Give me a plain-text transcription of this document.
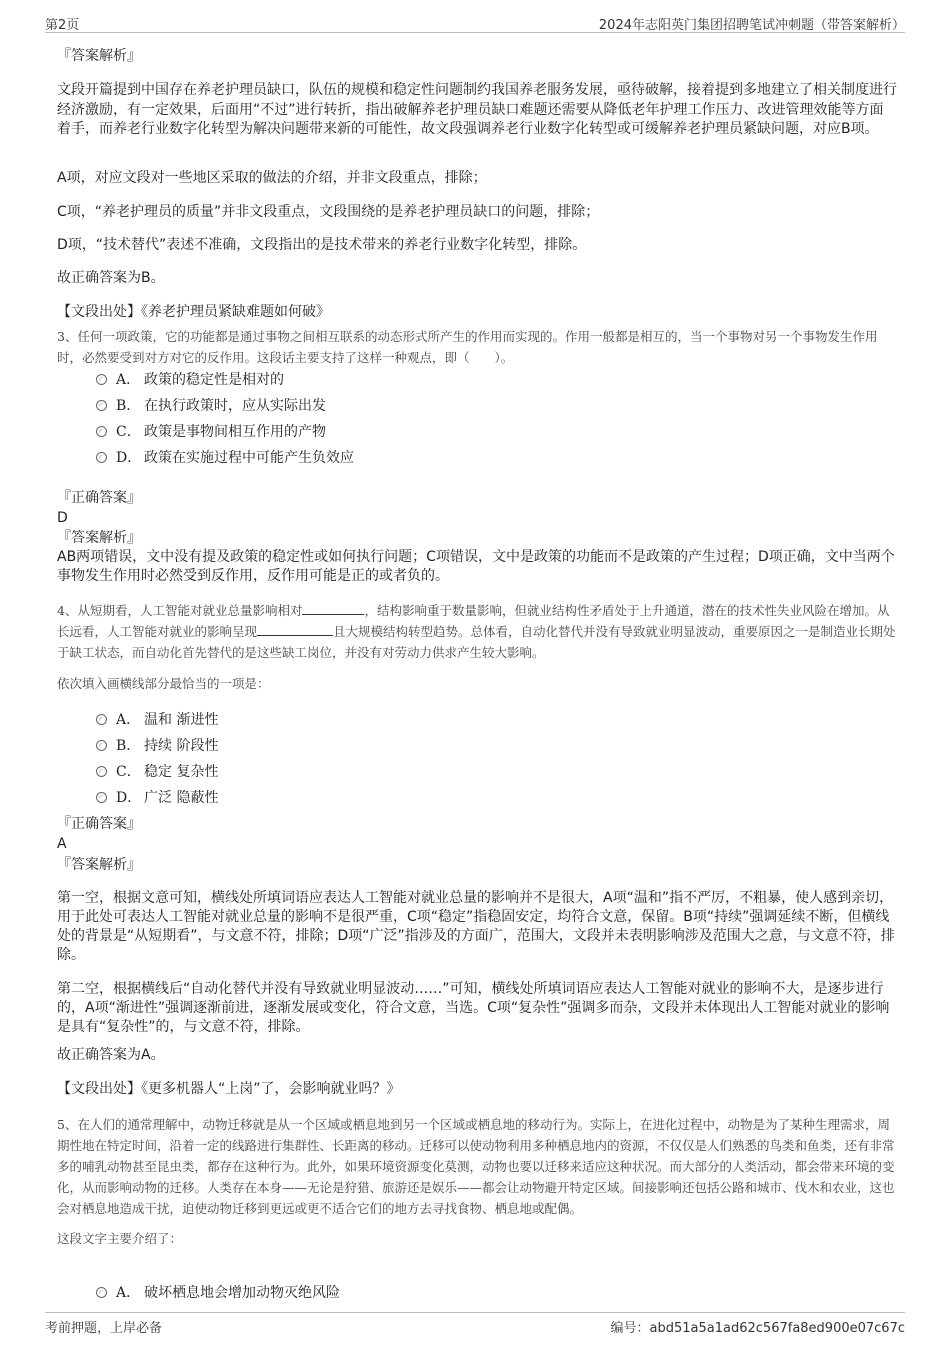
第2页	2024年志阳英门集团招聘笔试冲刺题（带答案解析）
『答案解析』
文段开篇提到中国存在养老护理员缺口，队伍的规模和稳定性问题制约我国养老服务发展，亟待破解，接着提到多地建立了相关制度进行经济激励，有一定效果，后面用“不过”进行转折，指出破解养老护理员缺口难题还需要从降低老年护理工作压力、改进管理效能等方面着手，而养老行业数字化转型为解决问题带来新的可能性，故文段强调养老行业数字化转型或可缓解养老护理员紧缺问题，对应B项。
A项，对应文段对一些地区采取的做法的介绍，并非文段重点，排除；
C项，“养老护理员的质量”并非文段重点，文段围绕的是养老护理员缺口的问题，排除；
D项，“技术替代”表述不准确，文段指出的是技术带来的养老行业数字化转型，排除。
故正确答案为B。
【文段出处】《养老护理员紧缺难题如何破》
3、任何一项政策，它的功能都是通过事物之间相互联系的动态形式所产生的作用而实现的。作用一般都是相互的，当一个事物对另一个事物发生作用时，必然要受到对方对它的反作用。这段话主要支持了这样一种观点，即（　　）。
A． 政策的稳定性是相对的
B． 在执行政策时，应从实际出发
C． 政策是事物间相互作用的产物
D． 政策在实施过程中可能产生负效应
『正确答案』
D
『答案解析』
AB两项错误，文中没有提及政策的稳定性或如何执行问题；C项错误，文中是政策的功能而不是政策的产生过程；D项正确，文中当两个事物发生作用时必然受到反作用，反作用可能是正的或者负的。
4、从短期看，人工智能对就业总量影响相对	，结构影响重于数量影响，但就业结构性矛盾处于上升通道，潜在的技术性失业风险在增加。从长远看，人工智能对就业的影响呈现	且大规模结构转型趋势。总体看，自动化替代并没有导致就业明显波动，重要原因之一是制造业长期处于缺工状态，而自动化首先替代的是这些缺工岗位，并没有对劳动力供求产生较大影响。
依次填入画横线部分最恰当的一项是：
A． 温和 渐进性
B． 持续 阶段性
C． 稳定 复杂性
D． 广泛 隐蔽性
『正确答案』
A
『答案解析』
第一空，根据文意可知，横线处所填词语应表达人工智能对就业总量的影响并不是很大，A项“温和”指不严厉，不粗暴，使人感到亲切，用于此处可表达人工智能对就业总量的影响不是很严重，C项“稳定”指稳固安定，均符合文意，保留。B项“持续”强调延续不断，但横线处的背景是“从短期看”，与文意不符，排除；D项“广泛”指涉及的方面广，范围大，文段并未表明影响涉及范围大之意，与文意不符，排除。
第二空，根据横线后“自动化替代并没有导致就业明显波动……”可知，横线处所填词语应表达人工智能对就业的影响不大，是逐步进行的，A项“渐进性”强调逐渐前进，逐渐发展或变化，符合文意，当选。C项“复杂性”强调多而杂，文段并未体现出人工智能对就业的影响是具有“复杂性”的，与文意不符，排除。
故正确答案为A。
【文段出处】《更多机器人“上岗”了，会影响就业吗？》
5、在人们的通常理解中，动物迁移就是从一个区域或栖息地到另一个区域或栖息地的移动行为。实际上，在进化过程中，动物是为了某种生理需求，周期性地在特定时间，沿着一定的线路进行集群性、长距离的移动。迁移可以使动物利用多种栖息地内的资源，不仅仅是人们熟悉的鸟类和鱼类，还有非常多的哺乳动物甚至昆虫类，都存在这种行为。此外，如果环境资源变化莫测，动物也要以迁移来适应这种状况。而大部分的人类活动，都会带来环境的变化，从而影响动物的迁移。人类存在本身——无论是狩猎、旅游还是娱乐——都会让动物避开特定区域。间接影响还包括公路和城市、伐木和农业，这也会对栖息地造成干扰，迫使动物迁移到更远或更不适合它们的地方去寻找食物、栖息地或配偶。
这段文字主要介绍了：
A． 破坏栖息地会增加动物灭绝风险
考前押题，上岸必备	编号：abd51a5a1ad62c567fa8ed900e07c67c
